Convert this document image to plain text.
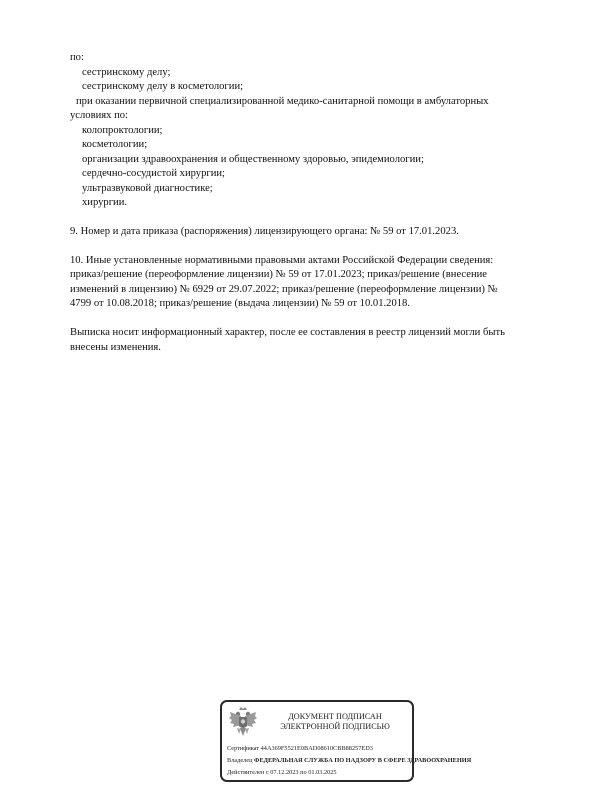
по:
сестринскому делу;
сестринскому делу в косметологии;
при оказании первичной специализированной медико-санитарной помощи в амбулаторных
условиях по:
колопроктологии;
косметологии;
организации здравоохранения и общественному здоровью, эпидемиологии;
сердечно-сосудистой хирургии;
ультразвуковой диагностике;
хирургии.
9. Номер и дата приказа (распоряжения) лицензирующего органа: № 59 от 17.01.2023.
10. Иные установленные нормативными правовыми актами Российской Федерации сведения:
приказ/решение (переоформление лицензии) № 59 от 17.01.2023; приказ/решение (внесение
изменений в лицензию) № 6929 от 29.07.2022; приказ/решение (переоформление лицензии) №
4799 от 10.08.2018; приказ/решение (выдача лицензии) № 59 от 10.01.2018.
Выписка носит информационный характер, после ее составления в реестр лицензий могли быть
внесены изменения.
ДОКУМЕНТ ПОДПИСАН
ЭЛЕКТРОННОЙ ПОДПИСЬЮ
Сертификат 44A369F5521E0BAD08610CBB88257ED3
Владелец ФЕДЕРАЛЬНАЯ СЛУЖБА ПО НАДЗОРУ В СФЕРЕ ЗДРАВООХРАНЕНИЯ
Действителен с 07.12.2023 по 01.03.2025
